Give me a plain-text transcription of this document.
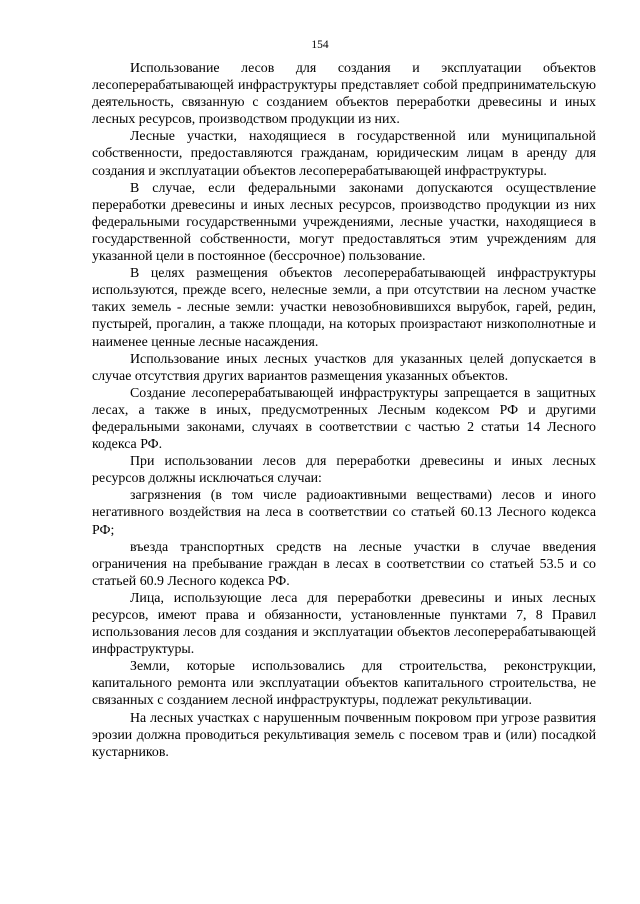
154

Использование лесов для создания и эксплуатации объектов лесоперерабатывающей инфраструктуры представляет собой предпринимательскую деятельность, связанную с созданием объектов переработки древесины и иных лесных ресурсов, производством продукции из них.

Лесные участки, находящиеся в государственной или муниципальной собственности, предоставляются гражданам, юридическим лицам в аренду для создания и эксплуатации объектов лесоперерабатывающей инфраструктуры.

В случае, если федеральными законами допускаются осуществление переработки древесины и иных лесных ресурсов, производство продукции из них федеральными государственными учреждениями, лесные участки, находящиеся в государственной собственности, могут предоставляться этим учреждениям для указанной цели в постоянное (бессрочное) пользование.

В целях размещения объектов лесоперерабатывающей инфраструктуры используются, прежде всего, нелесные земли, а при отсутствии на лесном участке таких земель - лесные земли: участки невозобновившихся вырубок, гарей, редин, пустырей, прогалин, а также площади, на которых произрастают низкополнотные и наименее ценные лесные насаждения.

Использование иных лесных участков для указанных целей допускается в случае отсутствия других вариантов размещения указанных объектов.

Создание лесоперерабатывающей инфраструктуры запрещается в защитных лесах, а также в иных, предусмотренных Лесным кодексом РФ и другими федеральными законами, случаях в соответствии с частью 2 статьи 14 Лесного кодекса РФ.

При использовании лесов для переработки древесины и иных лесных ресурсов должны исключаться случаи:

загрязнения (в том числе радиоактивными веществами) лесов и иного негативного воздействия на леса в соответствии со статьей 60.13 Лесного кодекса РФ;

въезда транспортных средств на лесные участки в случае введения ограничения на пребывание граждан в лесах в соответствии со статьей 53.5 и со статьей 60.9 Лесного кодекса РФ.

Лица, использующие леса для переработки древесины и иных лесных ресурсов, имеют права и обязанности, установленные пунктами 7, 8 Правил использования лесов для создания и эксплуатации объектов лесоперерабатывающей инфраструктуры.

Земли, которые использовались для строительства, реконструкции, капитального ремонта или эксплуатации объектов капитального строительства, не связанных с созданием лесной инфраструктуры, подлежат рекультивации.

На лесных участках с нарушенным почвенным покровом при угрозе развития эрозии должна проводиться рекультивация земель с посевом трав и (или) посадкой кустарников.
